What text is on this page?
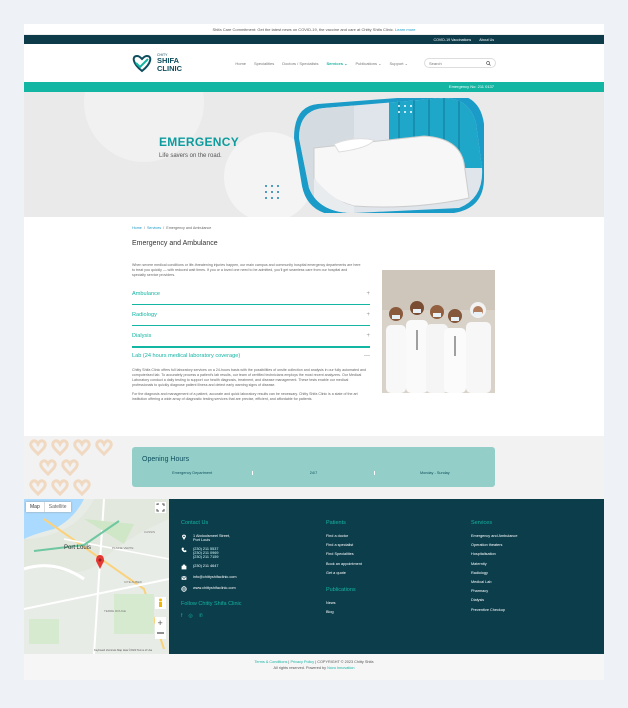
Shifa Care Commitment: Get the latest news on COVID-19, the vaccine and care at Chitty Shifa Clinic. Learn more
COVID-19 Vaccinations About Us
CHITY
SHIFA
CLINIC
Home Specialities Doctors / Specialists Services ⌄ Publications ⌄ Support ⌄	Search
Emergency No: 211 0137
EMERGENCY
Life savers on the road.
Home  /  Services  /  Emergency and Ambulance
Emergency and Ambulance
When severe medical conditions or life-threatening injuries happen, our main campus and community hospital emergency departments are here to treat you quickly — with reduced wait times. If you or a loved one need to be admitted, you'll get seamless care from our hospital and specialty service providers.
Ambulance	+
Radiology	+
Dialysis	+
Lab (24 hours medical laboratory coverage)	—

Chitty Shifa Clinic offers full laboratory services on a 24-hours basis with the possibilities of onsite collection and analysis in our fully automated and computerised lab. To accurately process a patient's lab results, our team of certified technicians employs the most recent analyzers. Our Medical Laboratory conduct a daily testing to support our health diagnosis, treatment, and disease management. These tests enable our medical professionals to quickly diagnose patient illness and detect early warning signs of disease.

For the diagnosis and management of a patient, accurate and quick laboratory results can be necessary. Chitty Shifa Clinic is a state of the art institution offering a wide array of diagnostic testing services that are precise, efficient, and affordable for patients.

Opening Hours
Emergency Department	24/7	Monday - Sunday
Port Louis	PLAINE VERTE
CASSIS
CITE AUBER
TERRE ROUGE
Keyboard shortcuts Map data ©2023 Terms of Use
+
Map	Satellite
Contact Us
1 Abdoolsmeel Street,
Port Louis
(230) 211 5537
(230) 211 0969
(230) 211 7159
(230) 211 4647
info@chittyshifaclinic.com
www.chittyshifaclinic.com
Follow Chitty Shifa Clinic
f ◎ ✆
Patients
Find a doctor
Find a specialist
Find Specialities
Book an appointment
Get a quote
Publications
News
Blog
Services
Emergency and Ambulance
Operation theaters
Hospitalisation
Maternity
Radiology
Medical Lab
Pharmacy
Dialysis
Preventive Checkup
Terms & Conditions | Privacy Policy | COPYRIGHT © 2023 Chitty Shifa
All rights reserved. Powered by Novo Innovation
